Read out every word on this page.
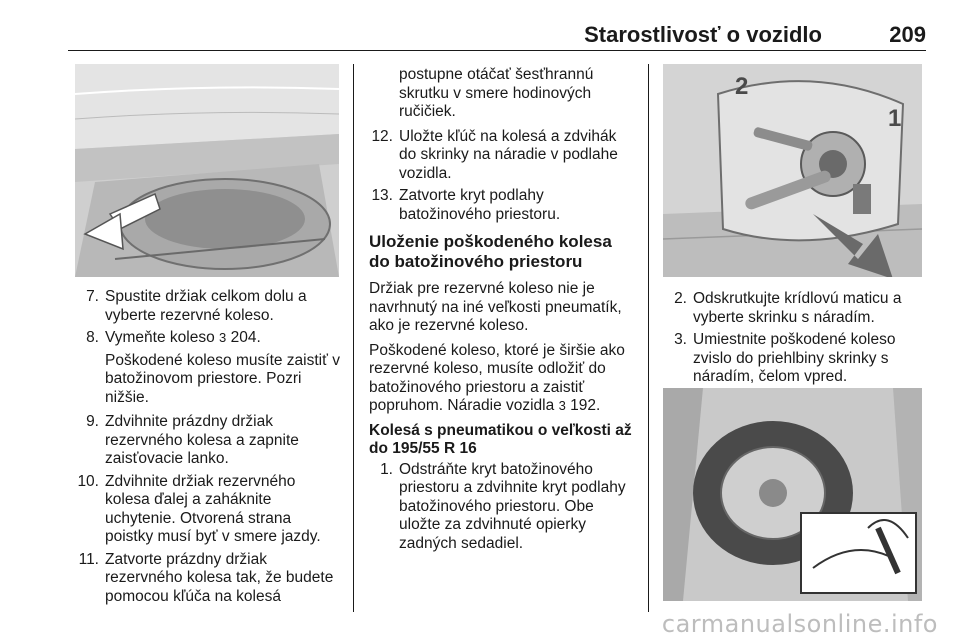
Starostlivosť o vozidlo	209
2
1
7. Spustite držiak celkom dolu a vyberte rezervné koleso.
8. Vymeňte koleso 3 204.
Poškodené koleso musíte zaistiť v batožinovom priestore. Pozri nižšie.
9. Zdvihnite prázdny držiak rezervného kolesa a zapnite zaisťovacie lanko.
10. Zdvihnite držiak rezervného kolesa ďalej a zaháknite uchytenie. Otvorená strana poistky musí byť v smere jazdy.
11. Zatvorte prázdny držiak rezervného kolesa tak, že budete pomocou kľúča na kolesá
postupne otáčať šesťhrannú skrutku v smere hodinových ručičiek.
12. Uložte kľúč na kolesá a zdvihák do skrinky na náradie v podlahe vozidla.
13. Zatvorte kryt podlahy batožinového priestoru.
Uloženie poškodeného kolesa do batožinového priestoru
Držiak pre rezervné koleso nie je navrhnutý na iné veľkosti pneumatík, ako je rezervné koleso.
Poškodené koleso, ktoré je širšie ako rezervné koleso, musíte odložiť do batožinového priestoru a zaistiť popruhom. Náradie vozidla 3 192.
Kolesá s pneumatikou o veľkosti až do 195/55 R 16
1. Odstráňte kryt batožinového priestoru a zdvihnite kryt podlahy batožinového priestoru. Obe uložte za zdvihnuté opierky zadných sedadiel.
2. Odskrutkujte krídlovú maticu a vyberte skrinku s náradím.
3. Umiestnite poškodené koleso zvislo do priehlbiny skrinky s náradím, čelom vpred.
carmanualsonline.info
